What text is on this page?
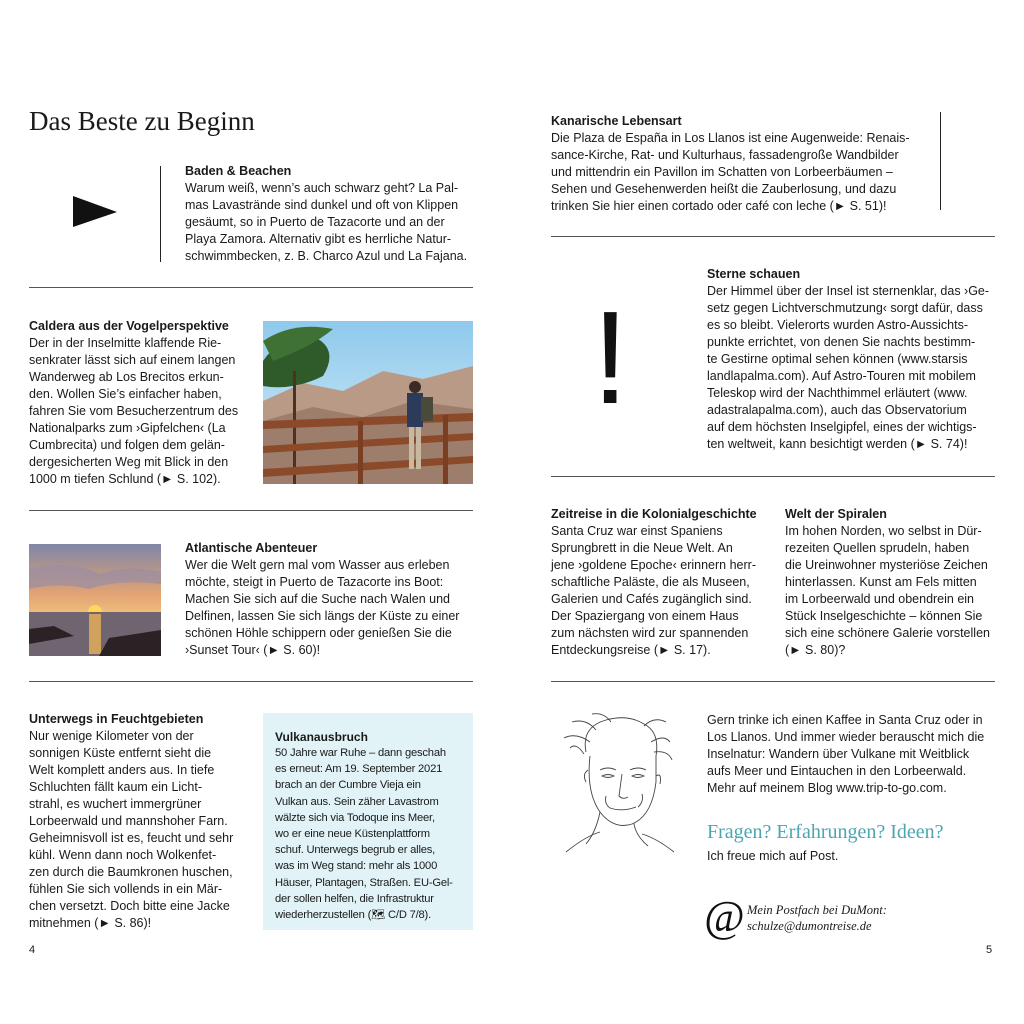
Das Beste zu Beginn
Baden & Beachen
Warum weiß, wenn’s auch schwarz geht? La Pal-
mas Lavastrände sind dunkel und oft von Klippen
gesäumt, so in Puerto de Tazacorte und an der
Playa Zamora. Alternativ gibt es herrliche Natur-
schwimmbecken, z. B. Charco Azul und La Fajana.
Caldera aus der Vogelperspektive
Der in der Inselmitte klaffende Rie-
senkrater lässt sich auf einem langen
Wanderweg ab Los Brecitos erkun-
den. Wollen Sie’s einfacher haben,
fahren Sie vom Besucherzentrum des
Nationalparks zum ›Gipfelchen‹ (La
Cumbrecita) und folgen dem gelän-
dergesicherten Weg mit Blick in den
1000 m tiefen Schlund (► S. 102).
Atlantische Abenteuer
Wer die Welt gern mal vom Wasser aus erleben
möchte, steigt in Puerto de Tazacorte ins Boot:
Machen Sie sich auf die Suche nach Walen und
Delfinen, lassen Sie sich längs der Küste zu einer
schönen Höhle schippern oder genießen Sie die
›Sunset Tour‹ (► S. 60)!
Unterwegs in Feuchtgebieten
Nur wenige Kilometer von der
sonnigen Küste entfernt sieht die
Welt komplett anders aus. In tiefe
Schluchten fällt kaum ein Licht-
strahl, es wuchert immergrüner
Lorbeerwald und mannshoher Farn.
Geheimnisvoll ist es, feucht und sehr
kühl. Wenn dann noch Wolkenfet-
zen durch die Baumkronen huschen,
fühlen Sie sich vollends in ein Mär-
chen versetzt. Doch bitte eine Jacke
mitnehmen (► S. 86)!
Vulkanausbruch
50 Jahre war Ruhe – dann geschah
es erneut: Am 19. September 2021
brach an der Cumbre Vieja ein
Vulkan aus. Sein zäher Lavastrom
wälzte sich via Todoque ins Meer,
wo er eine neue Küstenplattform
schuf. Unterwegs begrub er alles,
was im Weg stand: mehr als 1000
Häuser, Plantagen, Straßen. EU-Gel-
der sollen helfen, die Infrastruktur
wiederherzustellen (🗺 C/D 7/8).
4
Kanarische Lebensart
Die Plaza de España in Los Llanos ist eine Augenweide: Renais-
sance-Kirche, Rat- und Kulturhaus, fassadengroße Wandbilder
und mittendrin ein Pavillon im Schatten von Lorbeerbäumen –
Sehen und Gesehenwerden heißt die Zauberlosung, und dazu
trinken Sie hier einen cortado oder café con leche (► S. 51)!
!
Sterne schauen
Der Himmel über der Insel ist sternenklar, das ›Ge-
setz gegen Lichtverschmutzung‹ sorgt dafür, dass
es so bleibt. Vielerorts wurden Astro-Aussichts-
punkte errichtet, von denen Sie nachts bestimm-
te Gestirne optimal sehen können (www.starsis
landlapalma.com). Auf Astro-Touren mit mobilem
Teleskop wird der Nachthimmel erläutert (www.
adastralapalma.com), auch das Observatorium
auf dem höchsten Inselgipfel, eines der wichtigs-
ten weltweit, kann besichtigt werden (► S. 74)!
Zeitreise in die Kolonialgeschichte
Santa Cruz war einst Spaniens
Sprungbrett in die Neue Welt. An
jene ›goldene Epoche‹ erinnern herr-
schaftliche Paläste, die als Museen,
Galerien und Cafés zugänglich sind.
Der Spaziergang von einem Haus
zum nächsten wird zur spannenden
Entdeckungsreise (► S. 17).
Welt der Spiralen
Im hohen Norden, wo selbst in Dür-
rezeiten Quellen sprudeln, haben
die Ureinwohner mysteriöse Zeichen
hinterlassen. Kunst am Fels mitten
im Lorbeerwald und obendrein ein
Stück Inselgeschichte – können Sie
sich eine schönere Galerie vorstellen
(► S. 80)?
Gern trinke ich einen Kaffee in Santa Cruz oder in
Los Llanos. Und immer wieder berauscht mich die
Inselnatur: Wandern über Vulkane mit Weitblick
aufs Meer und Eintauchen in den Lorbeerwald.
Mehr auf meinem Blog www.trip-to-go.com.
Fragen? Erfahrungen? Ideen?
Ich freue mich auf Post.
@ Mein Postfach bei DuMont:
schulze@dumontreise.de
5
